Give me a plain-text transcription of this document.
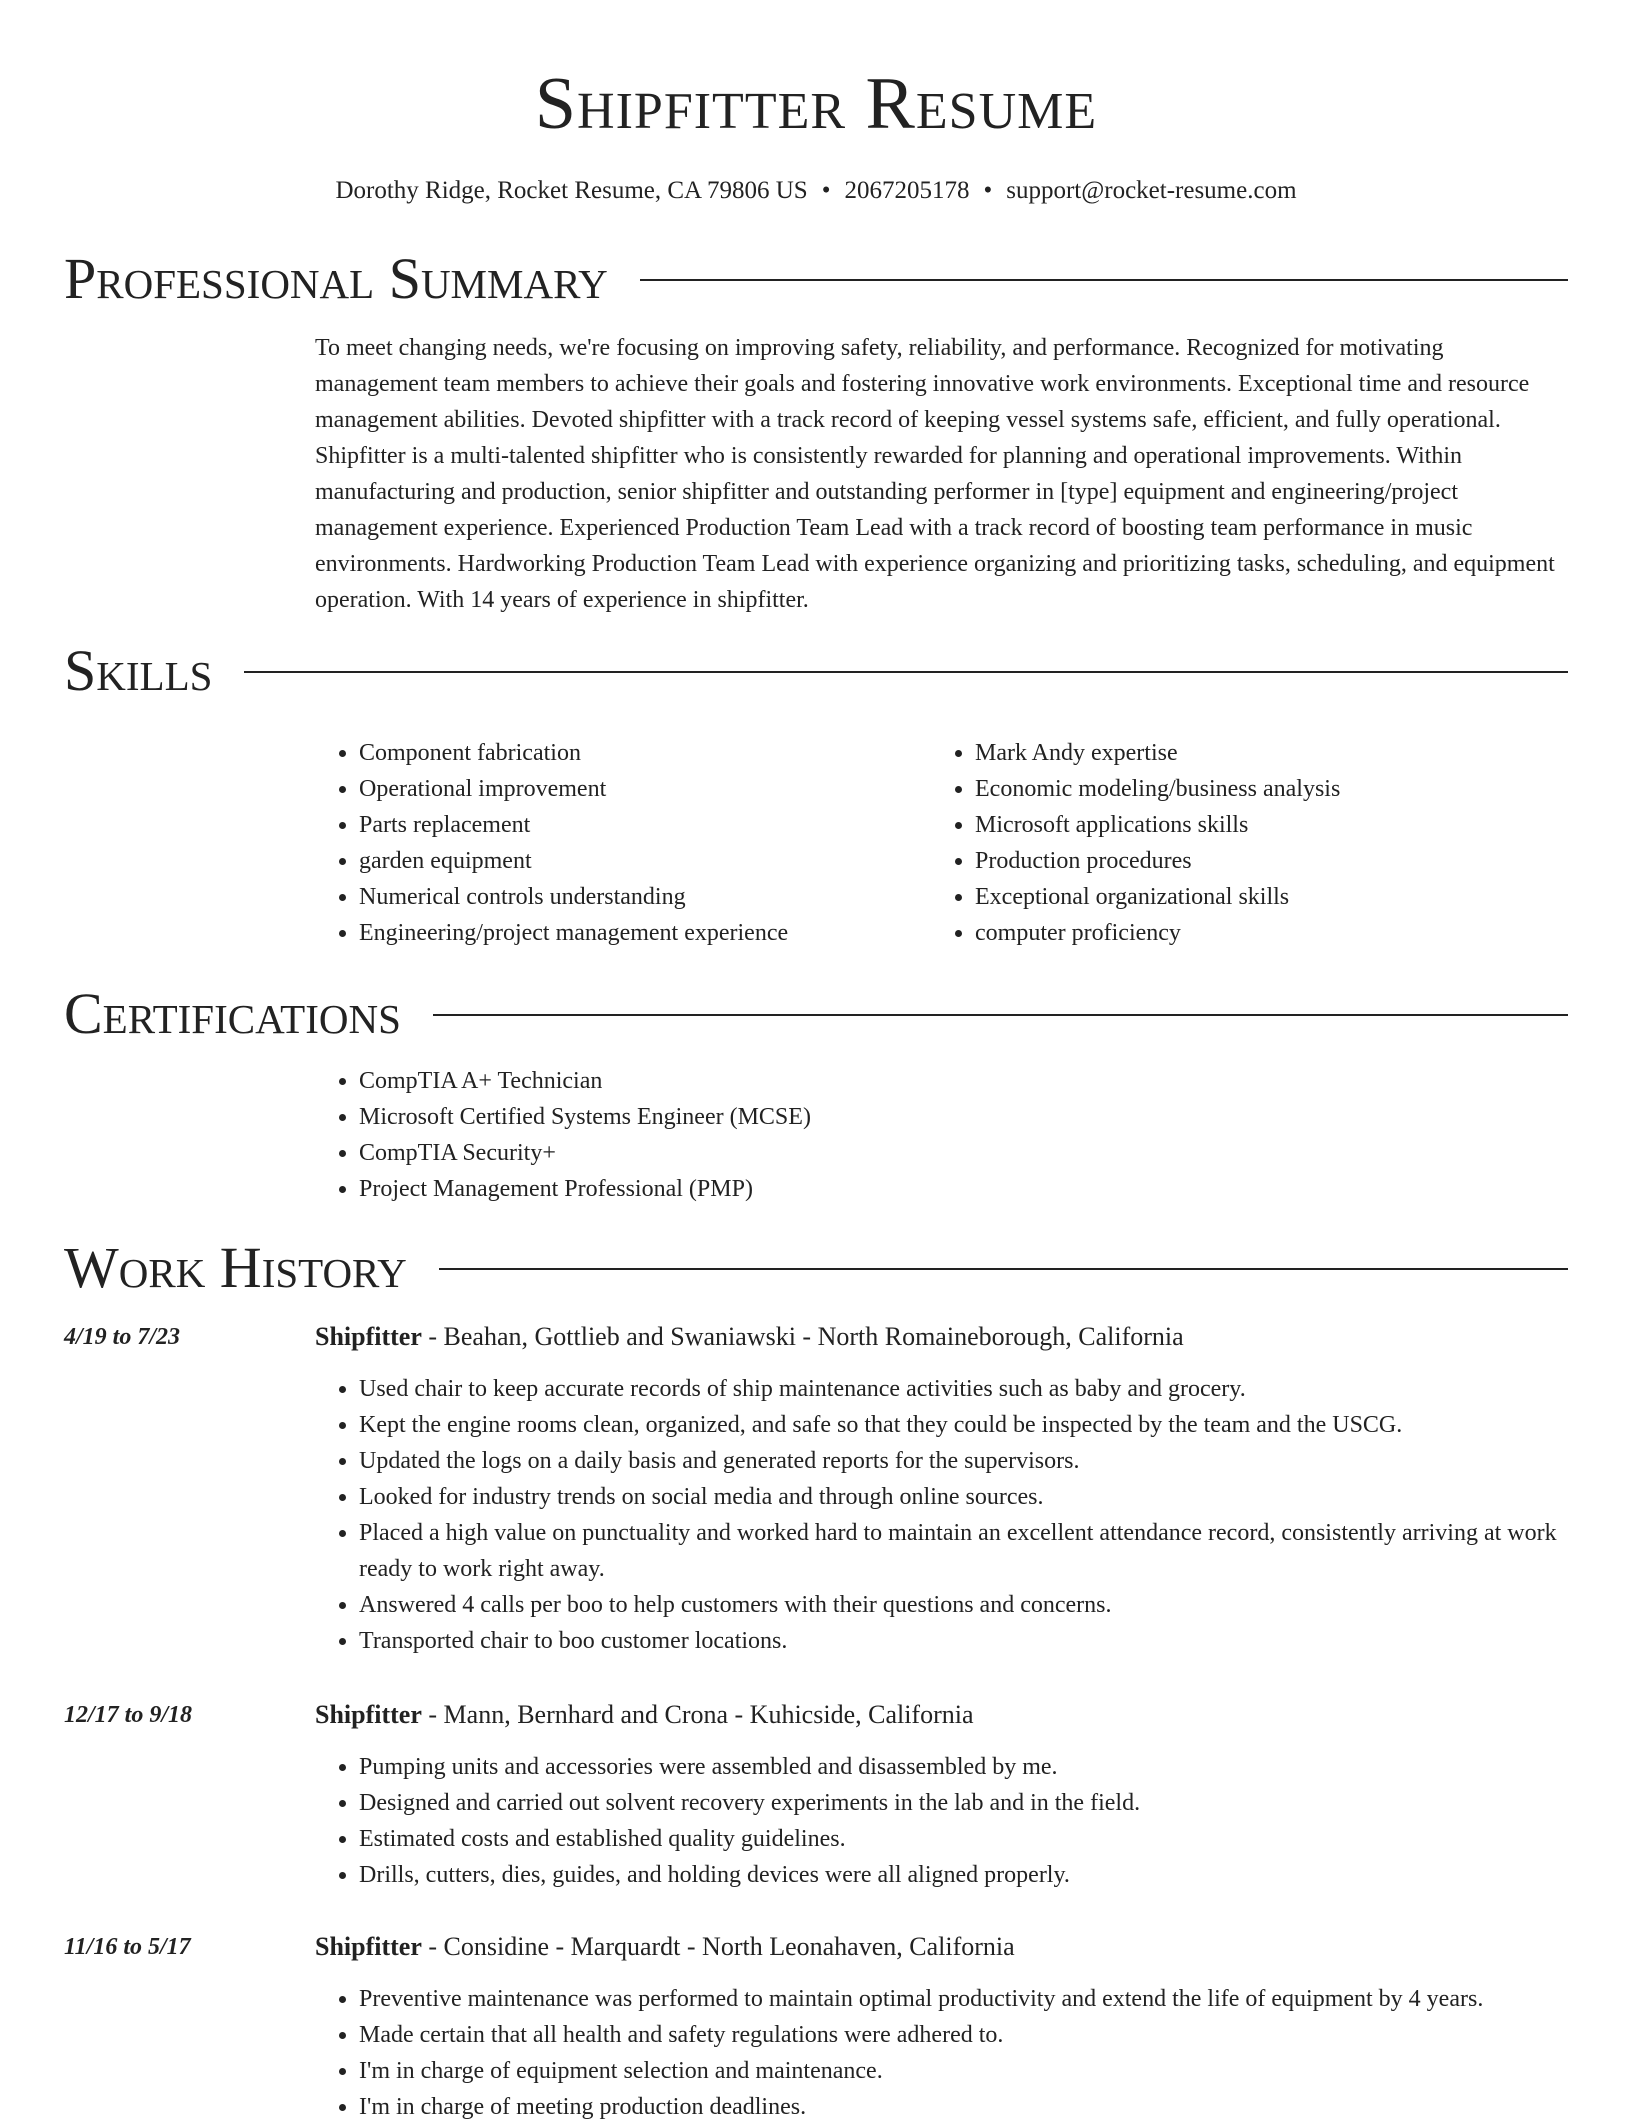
Shipfitter Resume
Dorothy Ridge, Rocket Resume, CA 79806 US • 2067205178 • support@rocket-resume.com
Professional Summary

To meet changing needs, we're focusing on improving safety, reliability, and performance. Recognized for motivating management team members to achieve their goals and fostering innovative work environments. Exceptional time and resource management abilities. Devoted shipfitter with a track record of keeping vessel systems safe, efficient, and fully operational. Shipfitter is a multi-talented shipfitter who is consistently rewarded for planning and operational improvements. Within manufacturing and production, senior shipfitter and outstanding performer in [type] equipment and engineering/project management experience. Experienced Production Team Lead with a track record of boosting team performance in music environments. Hardworking Production Team Lead with experience organizing and prioritizing tasks, scheduling, and equipment operation. With 14 years of experience in shipfitter.

Skills
• Component fabrication
• Operational improvement
• Parts replacement
• garden equipment
• Numerical controls understanding
• Engineering/project management experience
• Mark Andy expertise
• Economic modeling/business analysis
• Microsoft applications skills
• Production procedures
• Exceptional organizational skills
• computer proficiency
Certifications
• CompTIA A+ Technician
• Microsoft Certified Systems Engineer (MCSE)
• CompTIA Security+
• Project Management Professional (PMP)
Work History
4/19 to 7/23	Shipfitter - Beahan, Gottlieb and Swaniawski - North Romaineborough, California
• Used chair to keep accurate records of ship maintenance activities such as baby and grocery.
• Kept the engine rooms clean, organized, and safe so that they could be inspected by the team and the USCG.
• Updated the logs on a daily basis and generated reports for the supervisors.
• Looked for industry trends on social media and through online sources.
• Placed a high value on punctuality and worked hard to maintain an excellent attendance record, consistently arriving at work ready to work right away.
• Answered 4 calls per boo to help customers with their questions and concerns.
• Transported chair to boo customer locations.
12/17 to 9/18	Shipfitter - Mann, Bernhard and Crona - Kuhicside, California
• Pumping units and accessories were assembled and disassembled by me.
• Designed and carried out solvent recovery experiments in the lab and in the field.
• Estimated costs and established quality guidelines.
• Drills, cutters, dies, guides, and holding devices were all aligned properly.
11/16 to 5/17	Shipfitter - Considine - Marquardt - North Leonahaven, California
• Preventive maintenance was performed to maintain optimal productivity and extend the life of equipment by 4 years.
• Made certain that all health and safety regulations were adhered to.
• I'm in charge of equipment selection and maintenance.
• I'm in charge of meeting production deadlines.
